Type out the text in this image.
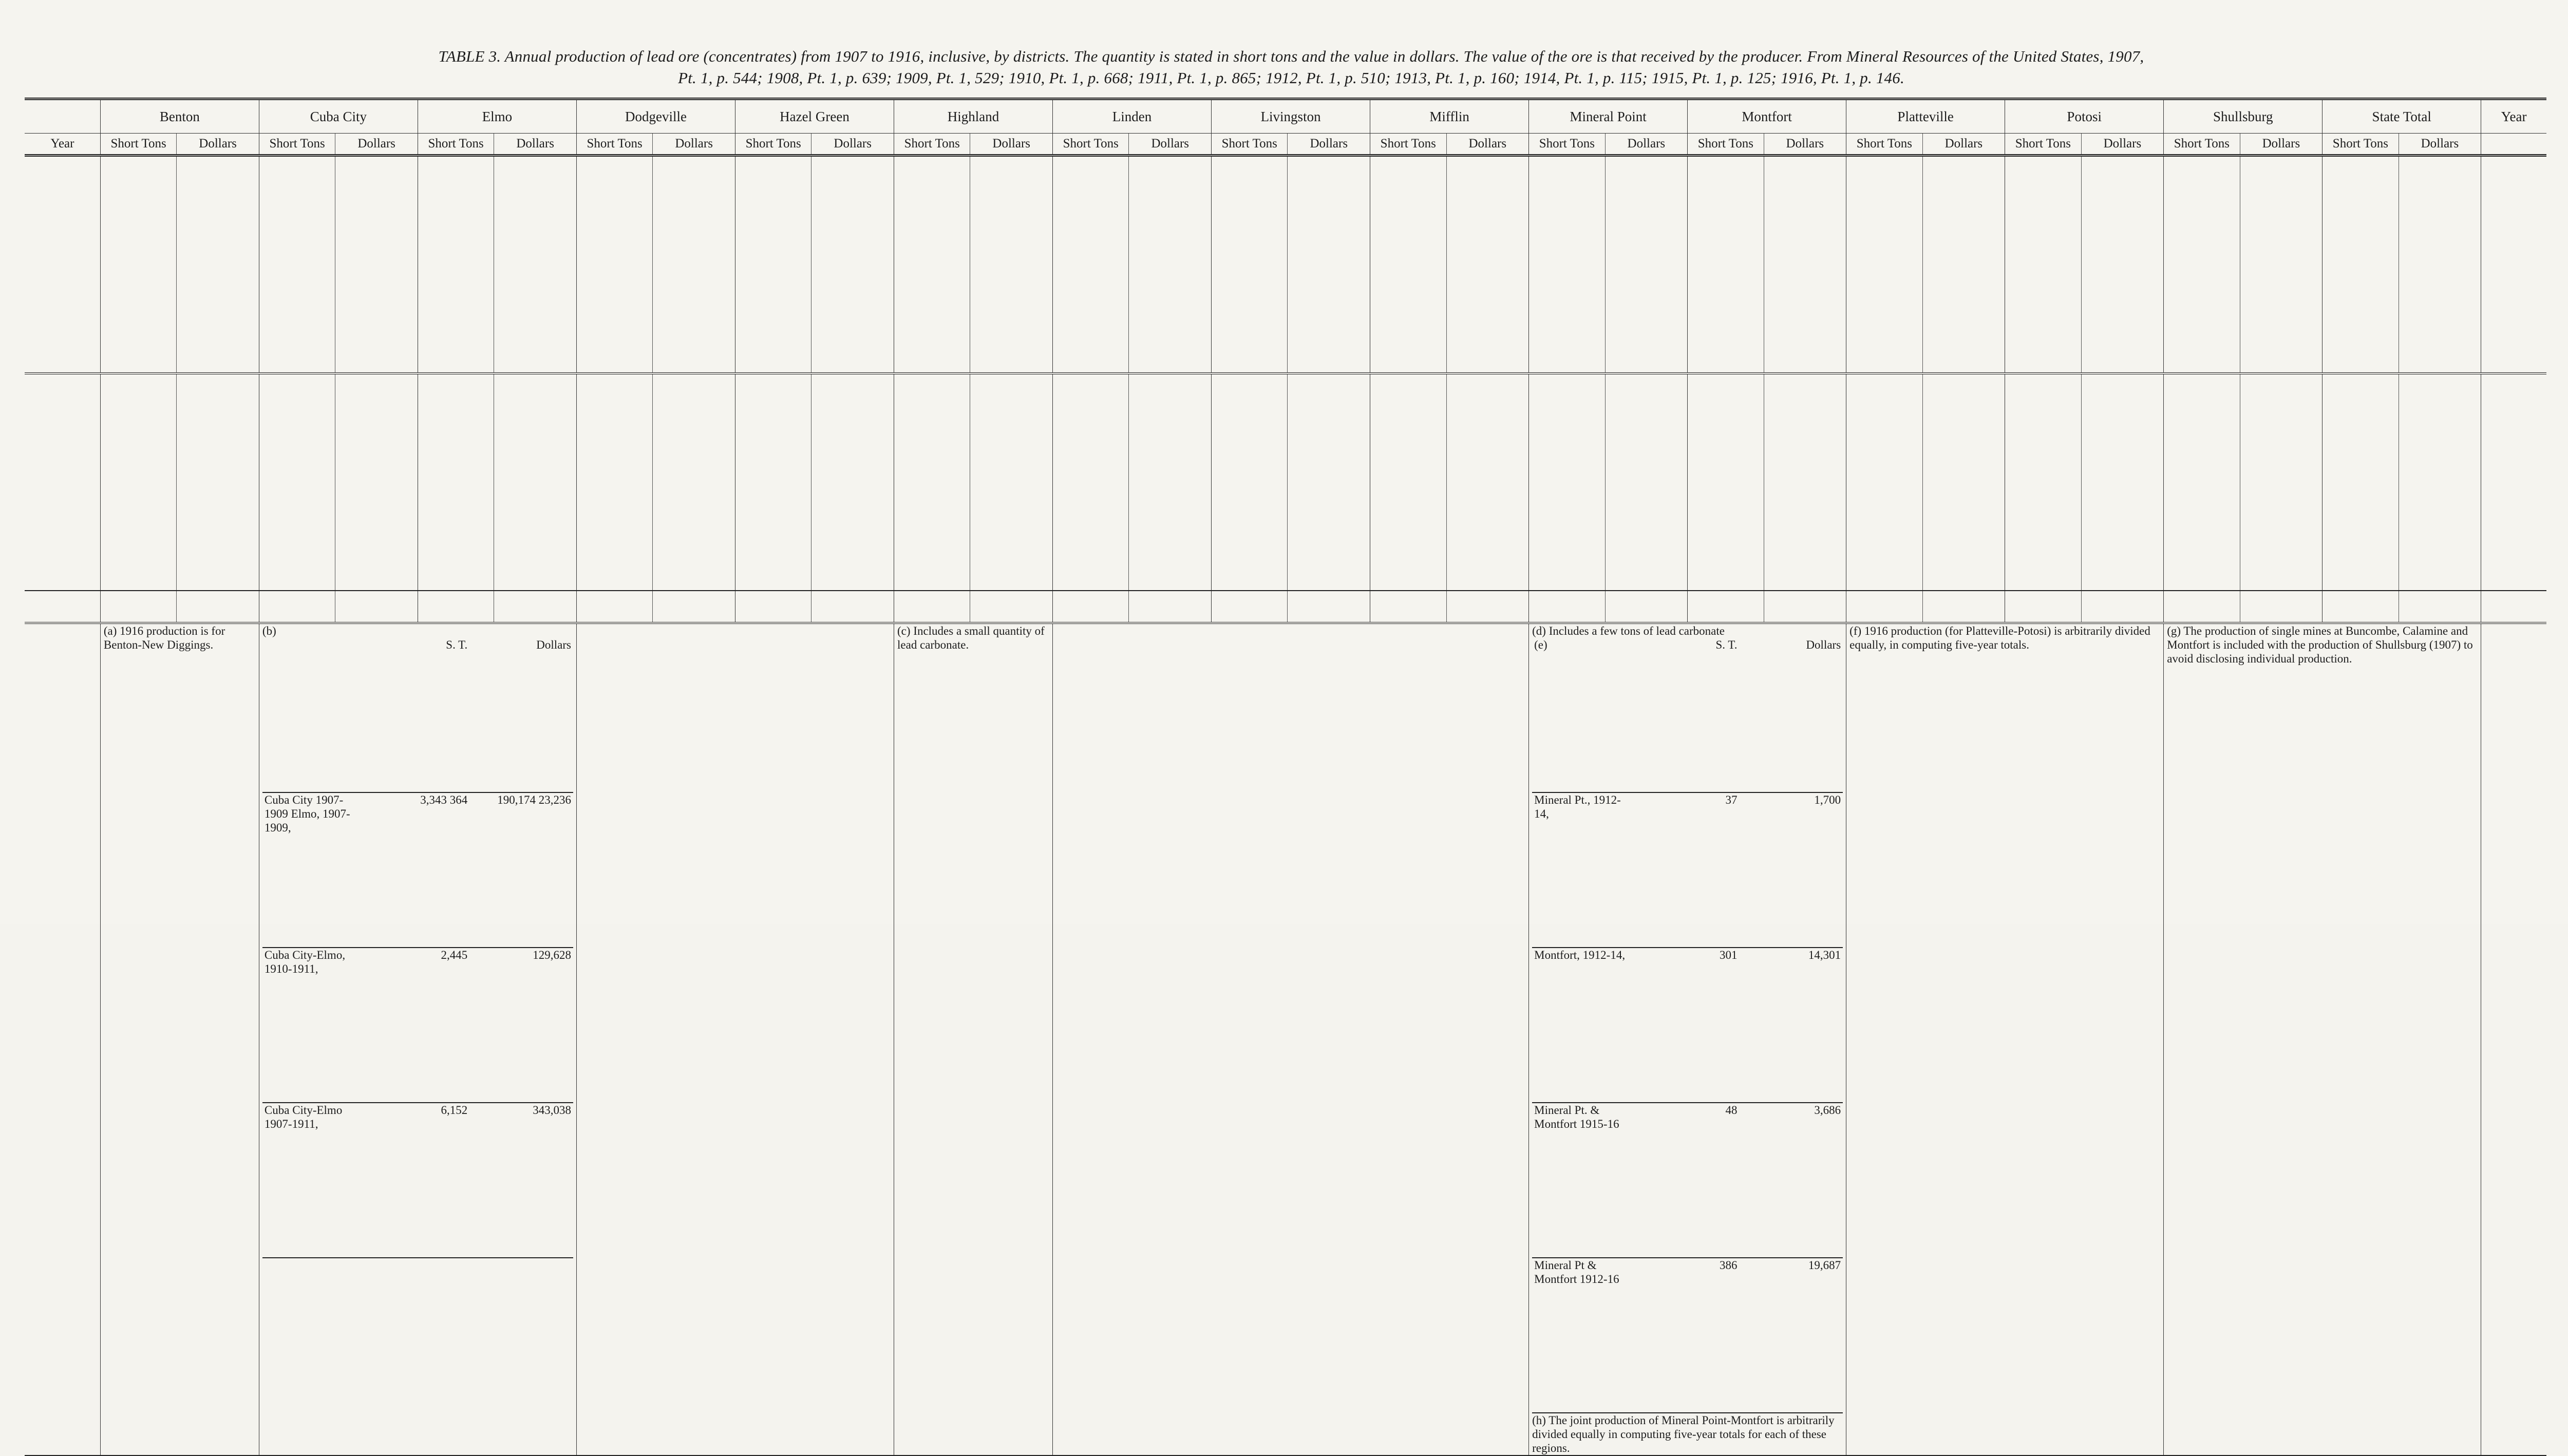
TABLE 3. Annual production of lead ore (concentrates) from 1907 to 1916, inclusive, by districts. The quantity is stated in short tons and the value in dollars. The value of the ore is that received by the producer. From Mineral Resources of the United States, 1907,
Pt. 1, p. 544; 1908, Pt. 1, p. 639; 1909, Pt. 1, 529; 1910, Pt. 1, p. 668; 1911, Pt. 1, p. 865; 1912, Pt. 1, p. 510; 1913, Pt. 1, p. 160; 1914, Pt. 1, p. 115; 1915, Pt. 1, p. 125; 1916, Pt. 1, p. 146.
	Benton	Cuba City	Elmo	Dodgeville	Hazel Green	Highland	Linden	Livingston	Mifflin	Mineral Point	Montfort	Platteville	Potosi	Shullsburg	State Total	Year
Year	Short Tons	Dollars	Short Tons	Dollars	Short Tons	Dollars	Short Tons	Dollars	Short Tons	Dollars	Short Tons	Dollars	Short Tons	Dollars	Short Tons	Dollars	Short Tons	Dollars	Short Tons	Dollars	Short Tons	Dollars	Short Tons	Dollars	Short Tons	Dollars	Short Tons	Dollars	Short Tons	Dollars	

	(a) 1916 production is for Benton-New Diggings.	
(b)
	S. T.	Dollars
Cuba City 1907-1909 Elmo, 1907-1909,	3,343 364	190,174 23,236
Cuba City-Elmo, 1910-1911,	2,445	129,628
Cuba City-Elmo 1907-1911,	6,152	343,038
		(c) Includes a small quantity of lead carbonate.		
(d) Includes a few tons of lead carbonate
(e)	S. T.	Dollars
Mineral Pt., 1912-14,	37	1,700
Montfort, 1912-14,	301	14,301
Mineral Pt. & Montfort 1915-16	48	3,686
Mineral Pt & Montfort 1912-16	386	19,687
(h) The joint production of Mineral Point-Montfort is arbitrarily divided equally in computing five-year totals for each of these regions.
	(f) 1916 production (for Platteville-Potosi) is arbitrarily divided equally, in computing five-year totals.	(g) The production of single mines at Buncombe, Calamine and Montfort is included with the production of Shullsburg (1907) to avoid disclosing individual production.	
